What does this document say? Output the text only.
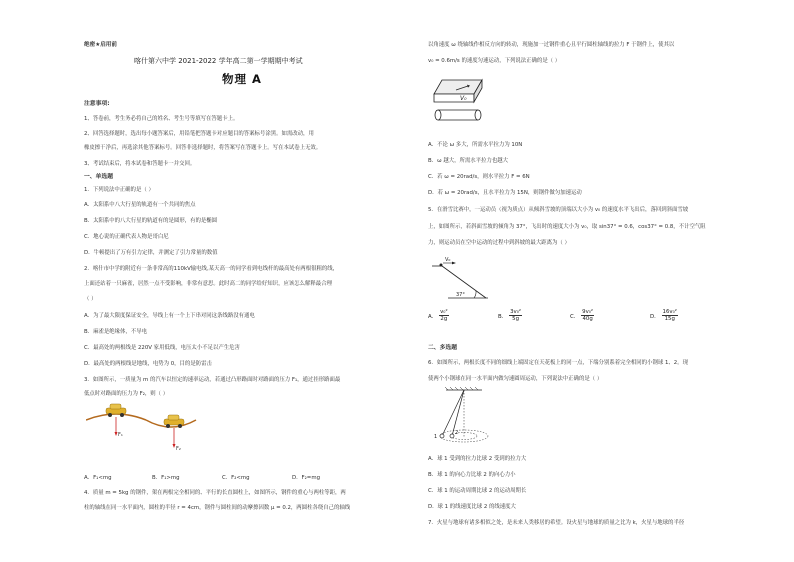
绝密★启用前
喀什第六中学 2021-2022 学年高二第一学期期中考试
物理 A
注意事项:
1、答卷前，考生务必将自己的姓名、考生号等填写在答题卡上。
2、回答选择题时，选出每小题答案后，用铅笔把答题卡对应题目的答案标号涂黑。如需改动，用
橡皮擦干净后，再选涂其他答案标号。回答非选择题时，将答案写在答题卡上。写在本试卷上无效。
3、考试结束后，将本试卷和答题卡一并交回。
一、单选题
1．下列说法中正确的是（ ）
A．太阳系中八大行星的轨道有一个共同的焦点
B．太阳系中的八大行星的轨道有的是圆形，有的是椭圆
C．地心说的正确代表人物是哥白尼
D．牛顿提出了万有引力定律，并测定了引力常量的数值
2．喀什市中学的附近有一条非常高的110kV输电线,某天高一的同学看到电线杆的最高处有两根很粗的线，
上面还站着一只麻雀，居然一点不受影响，非常有意思。此时高二的同学给好知识，应该怎么解释最合理
（ ）
A．为了最大限度保证安全，导线上有一个上下串对同这条线路没有通电
B．麻雀是绝缘体，不导电
C．最高处的两根线是 220V 家用低线，电压太小不足以产生危害
D．最高处的两根线是地线，电势为 0，目的是防雷击
3．如图所示，一质量为 m 的汽车以恒定的速率运动，若通过凸形路面时对路面的压力 F₁，通过挂形路面最
低点时对路面的压力为 F₂，则（ ）
F₁
F₂
A．F₁<mg	B．F₁>mg	C．F₂<mg	D．F₂=mg
4．质量 m = 5kg 的钢件，架在两根完全相同的、平行的长直圆柱上，如图所示，钢件的重心与两柱等距，两
柱的轴线在同一水平面内，圆柱的半径 r = 4cm，钢件与圆柱间的动摩擦因数 μ = 0.2，两圆柱各绕自己的轴线
以角速度 ω 绕轴线作相反方向的转动，现施加一过钢件重心且平行圆柱轴线的拉力 F 于钢件上，使其以
v₀ = 0.6m/s 的速度匀速运动，下列说法正确的是（ ）
V₀
A．不论 ω 多大，所需水平拉力为 10N
B．ω 越大，所需水平拉力也越大
C．若 ω = 20rad/s，则水平拉力 F = 6N
D．若 ω = 20rad/s，且水平拉力为 15N，则钢件做匀加速运动
5．在滑雪比赛中，一运动员（视为质点）从倾斜雪坡的顶端以大小为 v₀ 的速度水平飞出后，落回到斜面雪坡
上，如图所示，若斜面雪坡的倾角为 37°，飞出时的速度大小为 v₀，取 sin37° = 0.6，cos37° = 0.8，不计空气阻
力，则运动员在空中运动的过程中到斜坡的最大距离为（ ）
V₀
37°
A．
v₀²
2g	B．
3v₀²
5g	C．
9v₀²
40g	D．
16v₀²
15g
二、多选题
6．如图所示，两根长度不同的细线上端固定在天花板上的同一点，下端分别系着完全相同的小钢球 1、2。现
使两个小钢球在同一水平面内做匀速圆周运动，下列说法中正确的是（ ）
1
2
A．球 1 受到的拉力比球 2 受到的拉力大
B．球 1 的向心力比球 2 的向心力小
C．球 1 的运动周期比球 2 的运动周期长
D．球 1 的线速度比球 2 的线速度大
7．火星与地球有诸多相似之处，是未来人类移居的希望。设火星与地球的质量之比为 k，火星与地球的半径
